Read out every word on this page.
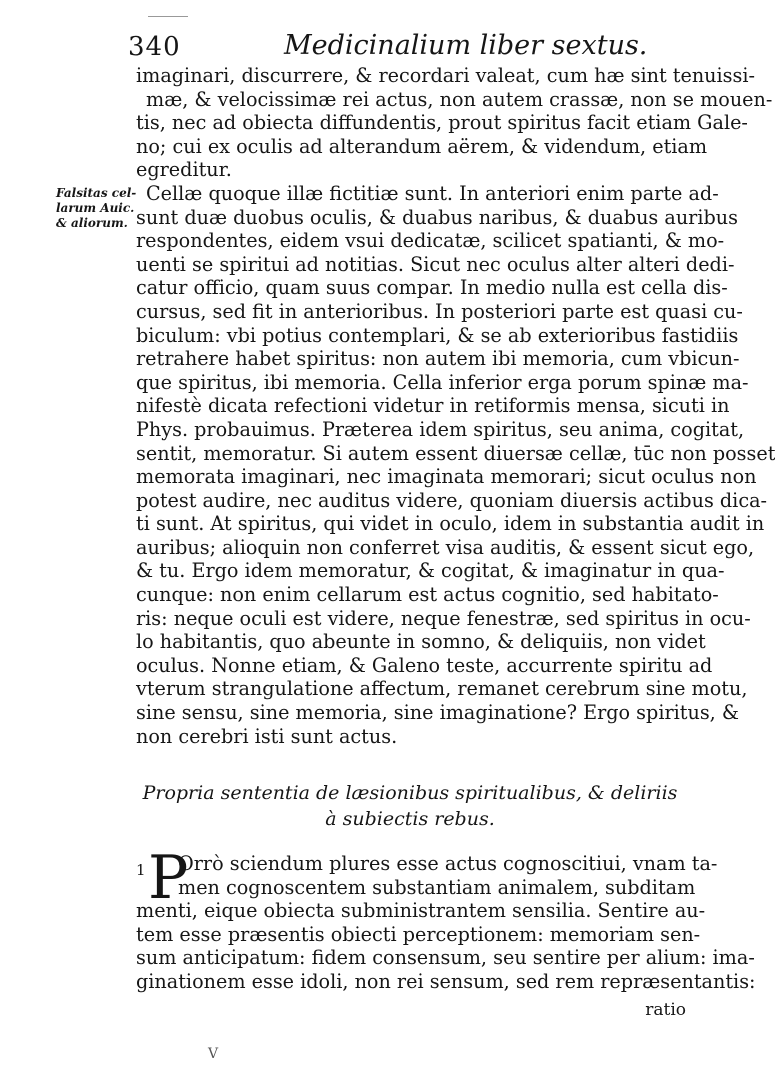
340	Medicinalium liber sextus.
Falsitas cel-
larum Auic.
& aliorum.
imaginari, discurrere, & recordari valeat, cum hæ sint tenuissi-
mæ, & velocissimæ rei actus, non autem crassæ, non se mouen-
tis, nec ad obiecta diffundentis, prout spiritus facit etiam Gale-
no; cui ex oculis ad alterandum aërem, & videndum, etiam
egreditur.
Cellæ quoque illæ fictitiæ sunt. In anteriori enim parte ad-
sunt duæ duobus oculis, & duabus naribus, & duabus auribus
respondentes, eidem vsui dedicatæ, scilicet spatianti, & mo-
uenti se spiritui ad notitias. Sicut nec oculus alter alteri dedi-
catur officio, quam suus compar. In medio nulla est cella dis-
cursus, sed fit in anterioribus. In posteriori parte est quasi cu-
biculum: vbi potius contemplari, & se ab exterioribus fastidiis
retrahere habet spiritus: non autem ibi memoria, cum vbicun-
que spiritus, ibi memoria. Cella inferior erga porum spinæ ma-
nifestè dicata refectioni videtur in retiformis mensa, sicuti in
Phys. probauimus. Præterea idem spiritus, seu anima, cogitat,
sentit, memoratur. Si autem essent diuersæ cellæ, tūc non posset
memorata imaginari, nec imaginata memorari; sicut oculus non
potest audire, nec auditus videre, quoniam diuersis actibus dica-
ti sunt. At spiritus, qui videt in oculo, idem in substantia audit in
auribus; alioquin non conferret visa auditis, & essent sicut ego,
& tu. Ergo idem memoratur, & cogitat, & imaginatur in qua-
cunque: non enim cellarum est actus cognitio, sed habitato-
ris: neque oculi est videre, neque fenestræ, sed spiritus in ocu-
lo habitantis, quo abeunte in somno, & deliquiis, non videt
oculus. Nonne etiam, & Galeno teste, accurrente spiritu ad
vterum strangulatione affectum, remanet cerebrum sine motu,
sine sensu, sine memoria, sine imaginatione? Ergo spiritus, &
non cerebri isti sunt actus.
Propria sententia de læsionibus spiritualibus, & deliriis
à subiectis rebus.
1 P
Orrò sciendum plures esse actus cognoscitiui, vnam ta-
men cognoscentem substantiam animalem, subditam
menti, eique obiecta subministrantem sensilia. Sentire au-
tem esse præsentis obiecti perceptionem: memoriam sen-
sum anticipatum: fidem consensum, seu sentire per alium: ima-
ginationem esse idoli, non rei sensum, sed rem repræsentantis:
ratio
V
